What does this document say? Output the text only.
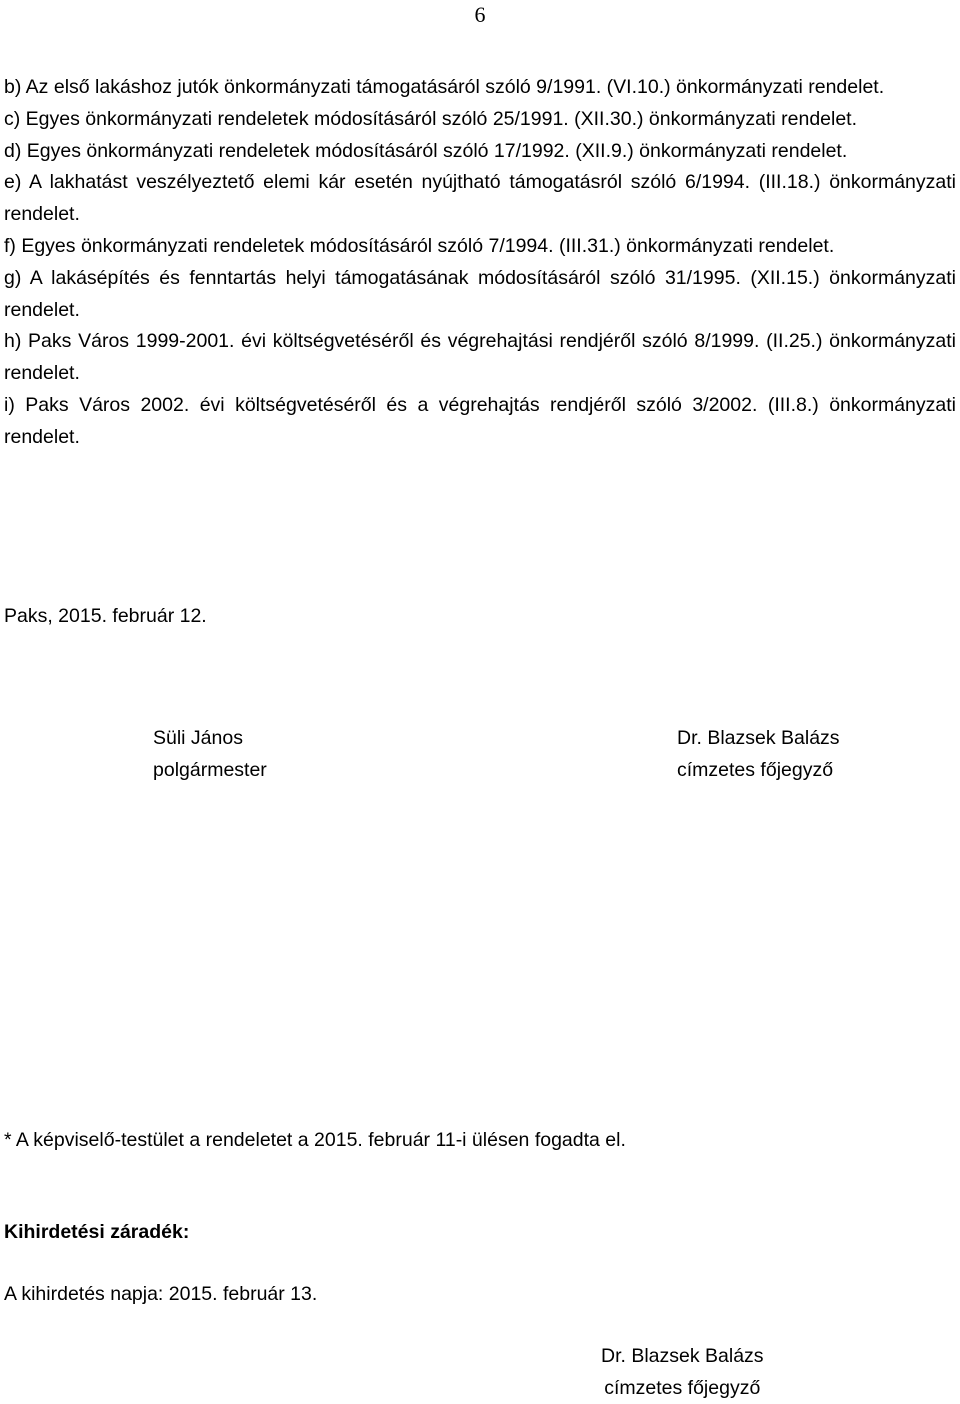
6

b) Az első lakáshoz jutók önkormányzati támogatásáról szóló 9/1991. (VI.10.) önkormányzati rendelet.

c) Egyes önkormányzati rendeletek módosításáról szóló 25/1991. (XII.30.) önkormányzati rendelet.

d) Egyes önkormányzati rendeletek módosításáról szóló 17/1992. (XII.9.) önkormányzati rendelet.

e) A lakhatást veszélyeztető elemi kár esetén nyújtható támogatásról szóló 6/1994. (III.18.) önkormányzati rendelet.

f) Egyes önkormányzati rendeletek módosításáról szóló 7/1994. (III.31.) önkormányzati rendelet.

g) A lakásépítés és fenntartás helyi támogatásának módosításáról szóló 31/1995. (XII.15.) önkormányzati rendelet.

h) Paks Város 1999-2001. évi költségvetéséről és végrehajtási rendjéről szóló 8/1999. (II.25.) önkormányzati rendelet.

i) Paks Város 2002. évi költségvetéséről és a végrehajtás rendjéről szóló 3/2002. (III.8.) önkormányzati rendelet.

Paks, 2015. február 12.
Süli János
polgármester
Dr. Blazsek Balázs
címzetes főjegyző
* A képviselő-testület a rendeletet a 2015. február 11-i ülésen fogadta el.
Kihirdetési záradék:
A kihirdetés napja: 2015. február 13.
Dr. Blazsek Balázs
címzetes főjegyző
